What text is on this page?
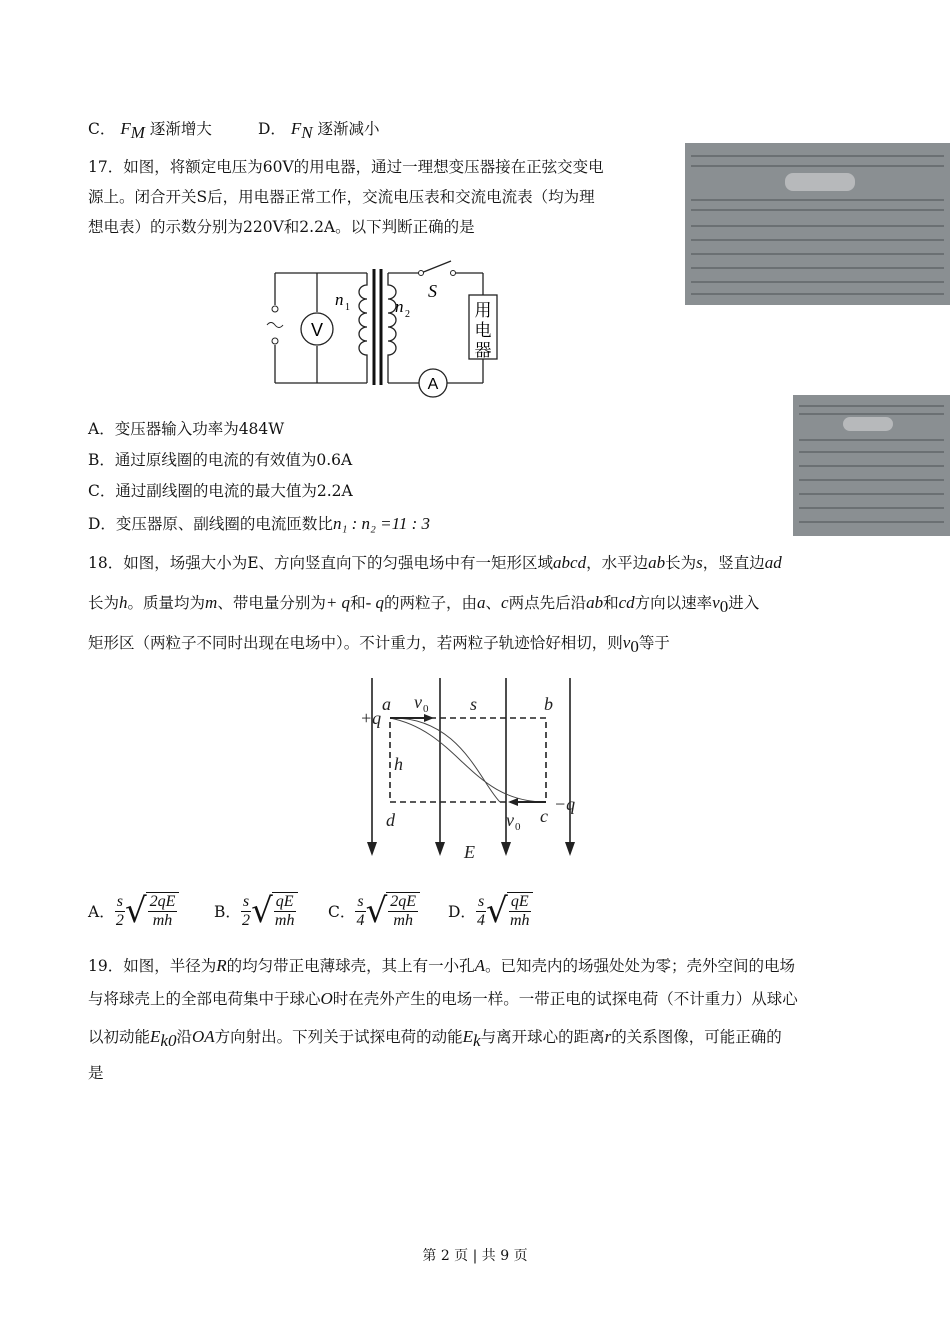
C． $F_M$ 逐渐增大	D． $F_N$ 逐渐减小
17．如图，将额定电压为60V的用电器，通过一理想变压器接在正弦交变电
源上。闭合开关S后，用电器正常工作，交流电压表和交流电流表（均为理
想电表）的示数分别为220V和2.2A。以下判断正确的是
V
A
n 1	n 2
S
用
电
器
A．变压器输入功率为484W
B．通过原线圈的电流的有效值为0.6A
C．通过副线圈的电流的最大值为2.2A
D．变压器原、副线圈的电流匝数比n₁ : n₂ =11 : 3
18．如图，场强大小为E、方向竖直向下的匀强电场中有一矩形区域abcd，水平边ab长为s，竖直边ad
长为h。质量均为m、带电量分别为+ q和- q的两粒子，由a、c两点先后沿ab和cd方向以速率$v_0$进入
矩形区（两粒子不同时出现在电场中）。不计重力，若两粒子轨迹恰好相切，则$v_0$等于
a	b
c
d
s
h
E
+q
−q
v
v
0
0
A． $\frac{s}{2}$ √ $\frac{2qE}{mh}$ B． $\frac{s}{2}$ √ $\frac{qE}{mh}$ C． $\frac{s}{4}$ √ $\frac{2qE}{mh}$ D． $\frac{s}{4}$ √ $\frac{qE}{mh}$
19．如图，半径为R的均匀带正电薄球壳，其上有一小孔A。已知壳内的场强处处为零；壳外空间的电场
与将球壳上的全部电荷集中于球心O时在壳外产生的电场一样。一带正电的试探电荷（不计重力）从球心
以初动能$E_{k0}$沿OA方向射出。下列关于试探电荷的动能$E_k$与离开球心的距离r的关系图像，可能正确的
是
第 2 页 | 共 9 页
